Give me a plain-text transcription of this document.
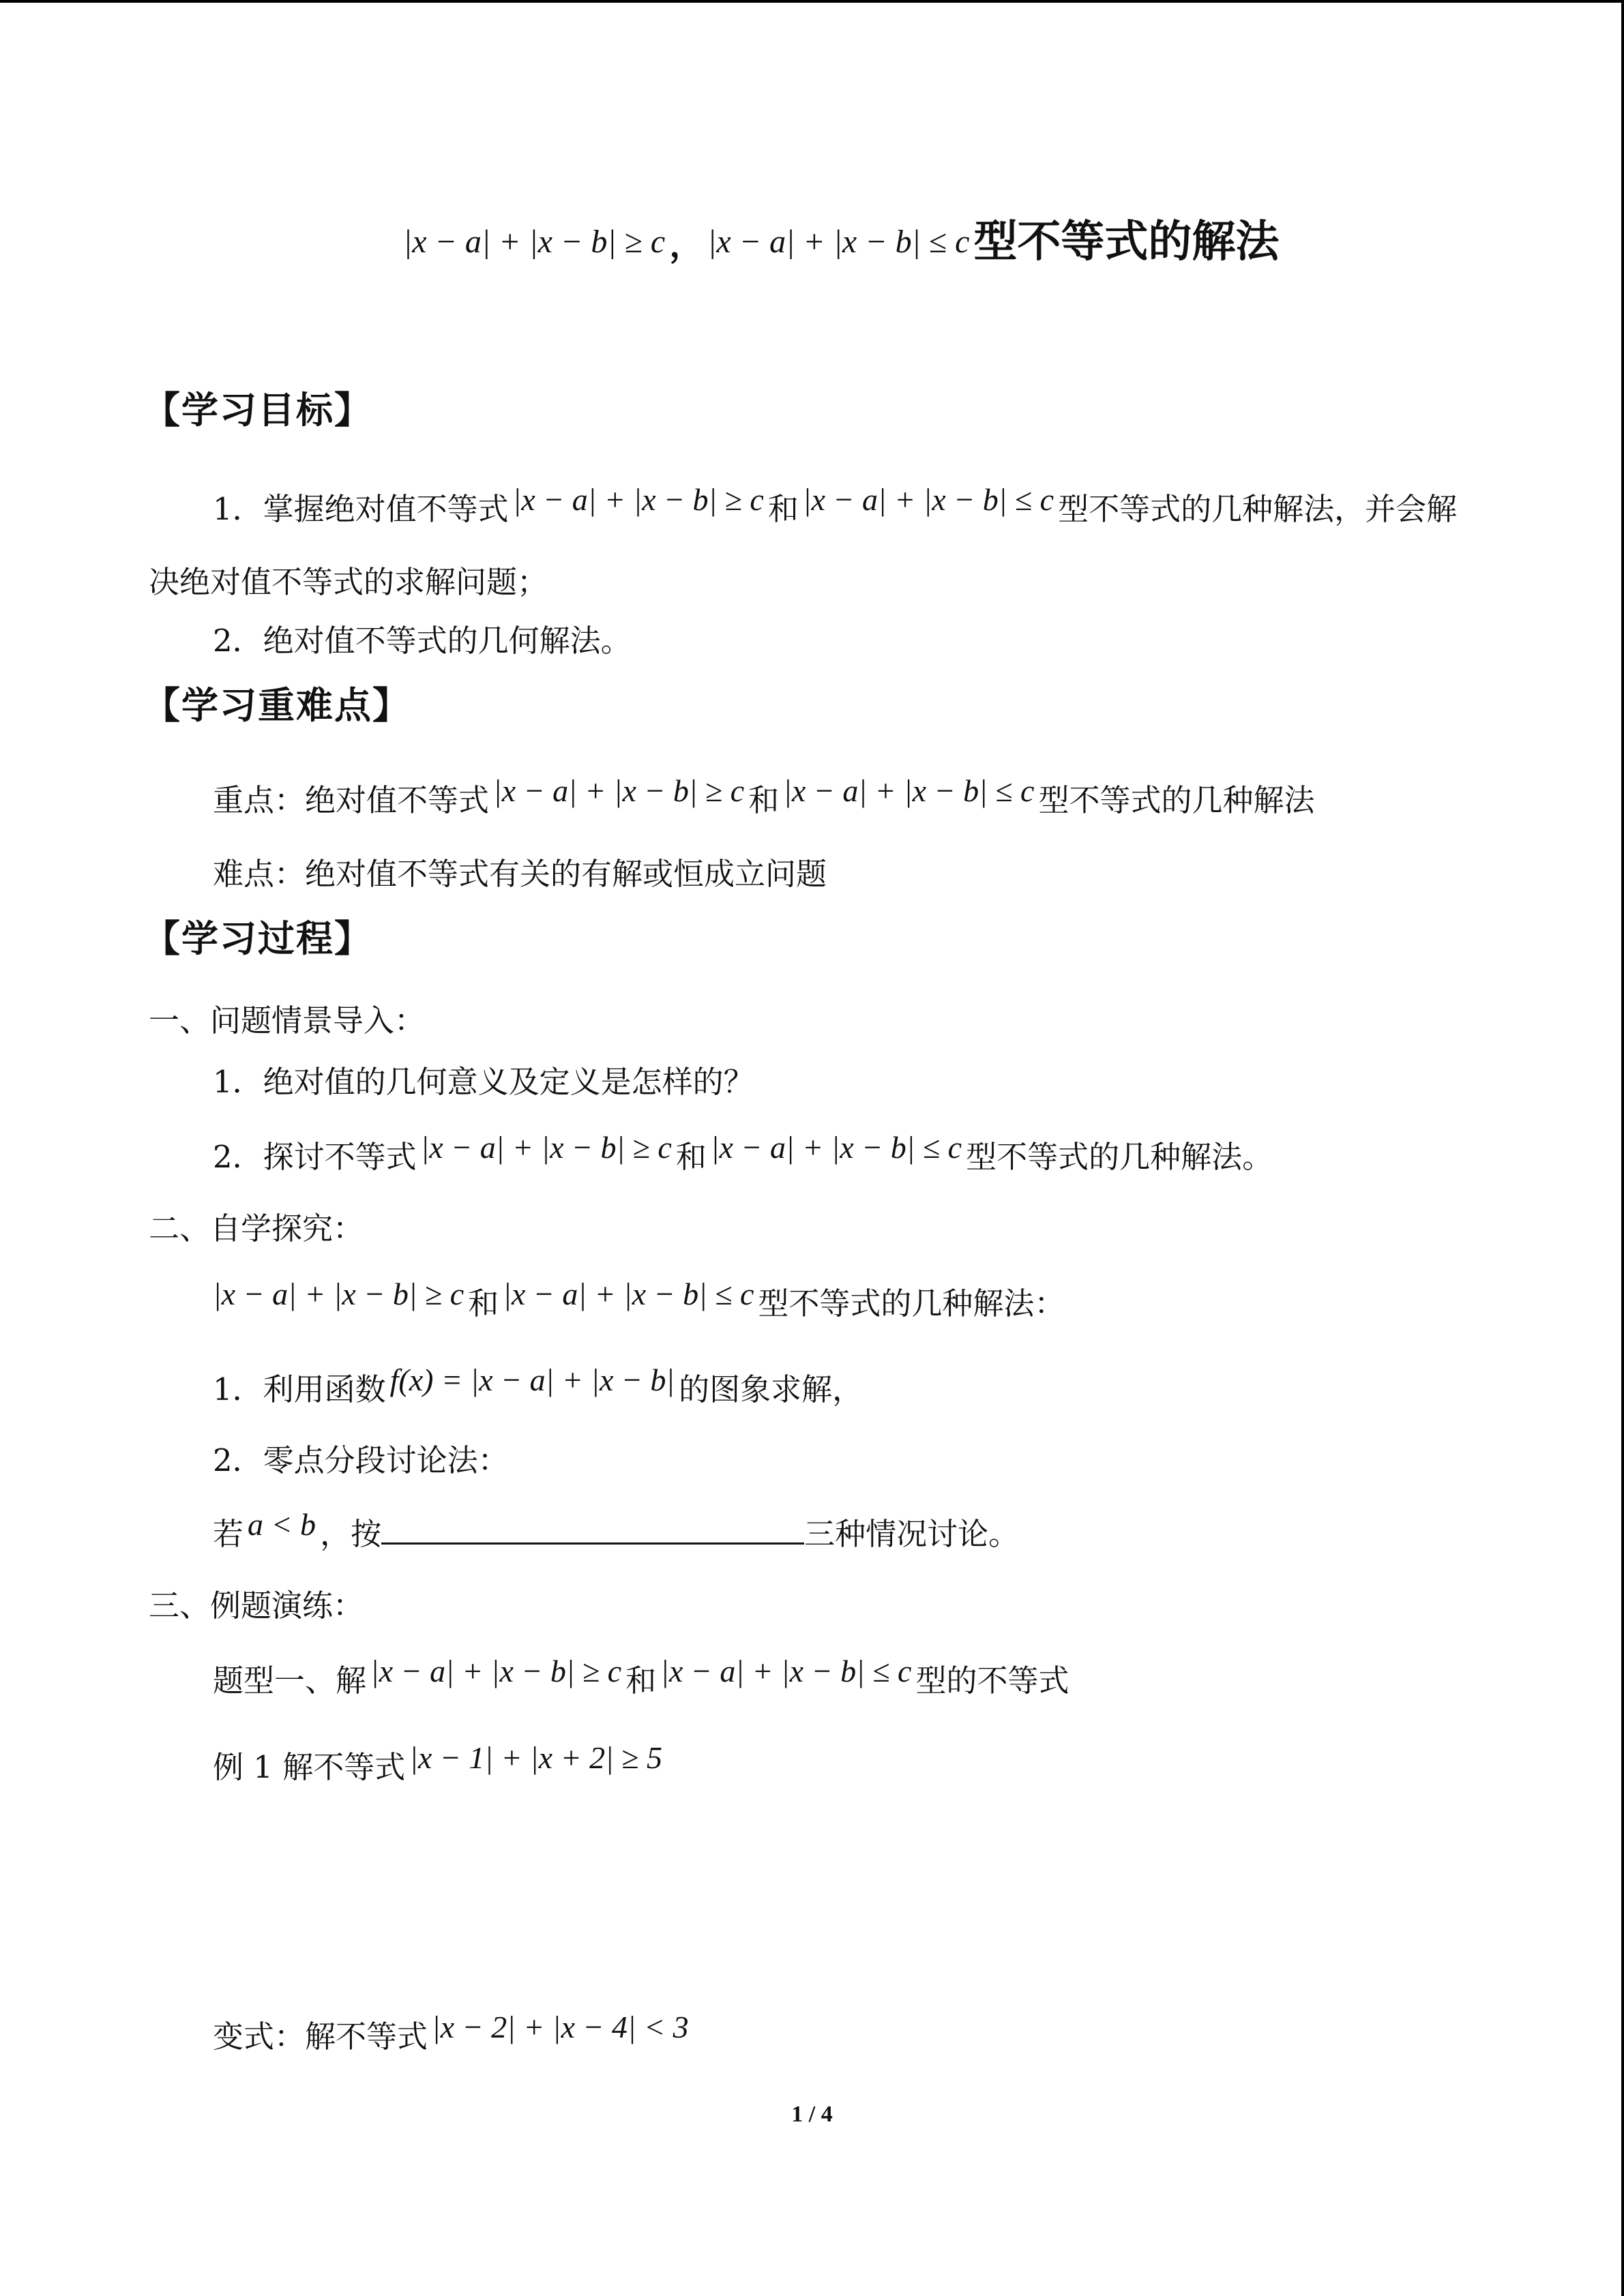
|x − a| + |x − b| ≥ c ， |x − a| + |x − b| ≤ c型不等式的解法
【学习目标】
1．掌握绝对值不等式 |x − a| + |x − b| ≥ c 和 |x − a| + |x − b| ≤ c 型不等式的几种解法，并会解
决绝对值不等式的求解问题；
2．绝对值不等式的几何解法。
【学习重难点】
重点：绝对值不等式 |x − a| + |x − b| ≥ c 和 |x − a| + |x − b| ≤ c 型不等式的几种解法
难点：绝对值不等式有关的有解或恒成立问题
【学习过程】
一、问题情景导入：
1．绝对值的几何意义及定义是怎样的？
2．探讨不等式 |x − a| + |x − b| ≥ c 和 |x − a| + |x − b| ≤ c 型不等式的几种解法。
二、自学探究：
|x − a| + |x − b| ≥ c 和 |x − a| + |x − b| ≤ c 型不等式的几种解法：
1．利用函数 f(x) = |x − a| + |x − b| 的图象求解，
2．零点分段讨论法：
若 a < b ，按	三种情况讨论。
三、例题演练：
题型一、解 |x − a| + |x − b| ≥ c 和 |x − a| + |x − b| ≤ c 型的不等式
例 1 解不等式 |x − 1| + |x + 2| ≥ 5
变式：解不等式 |x − 2| + |x − 4| < 3
1 / 4
